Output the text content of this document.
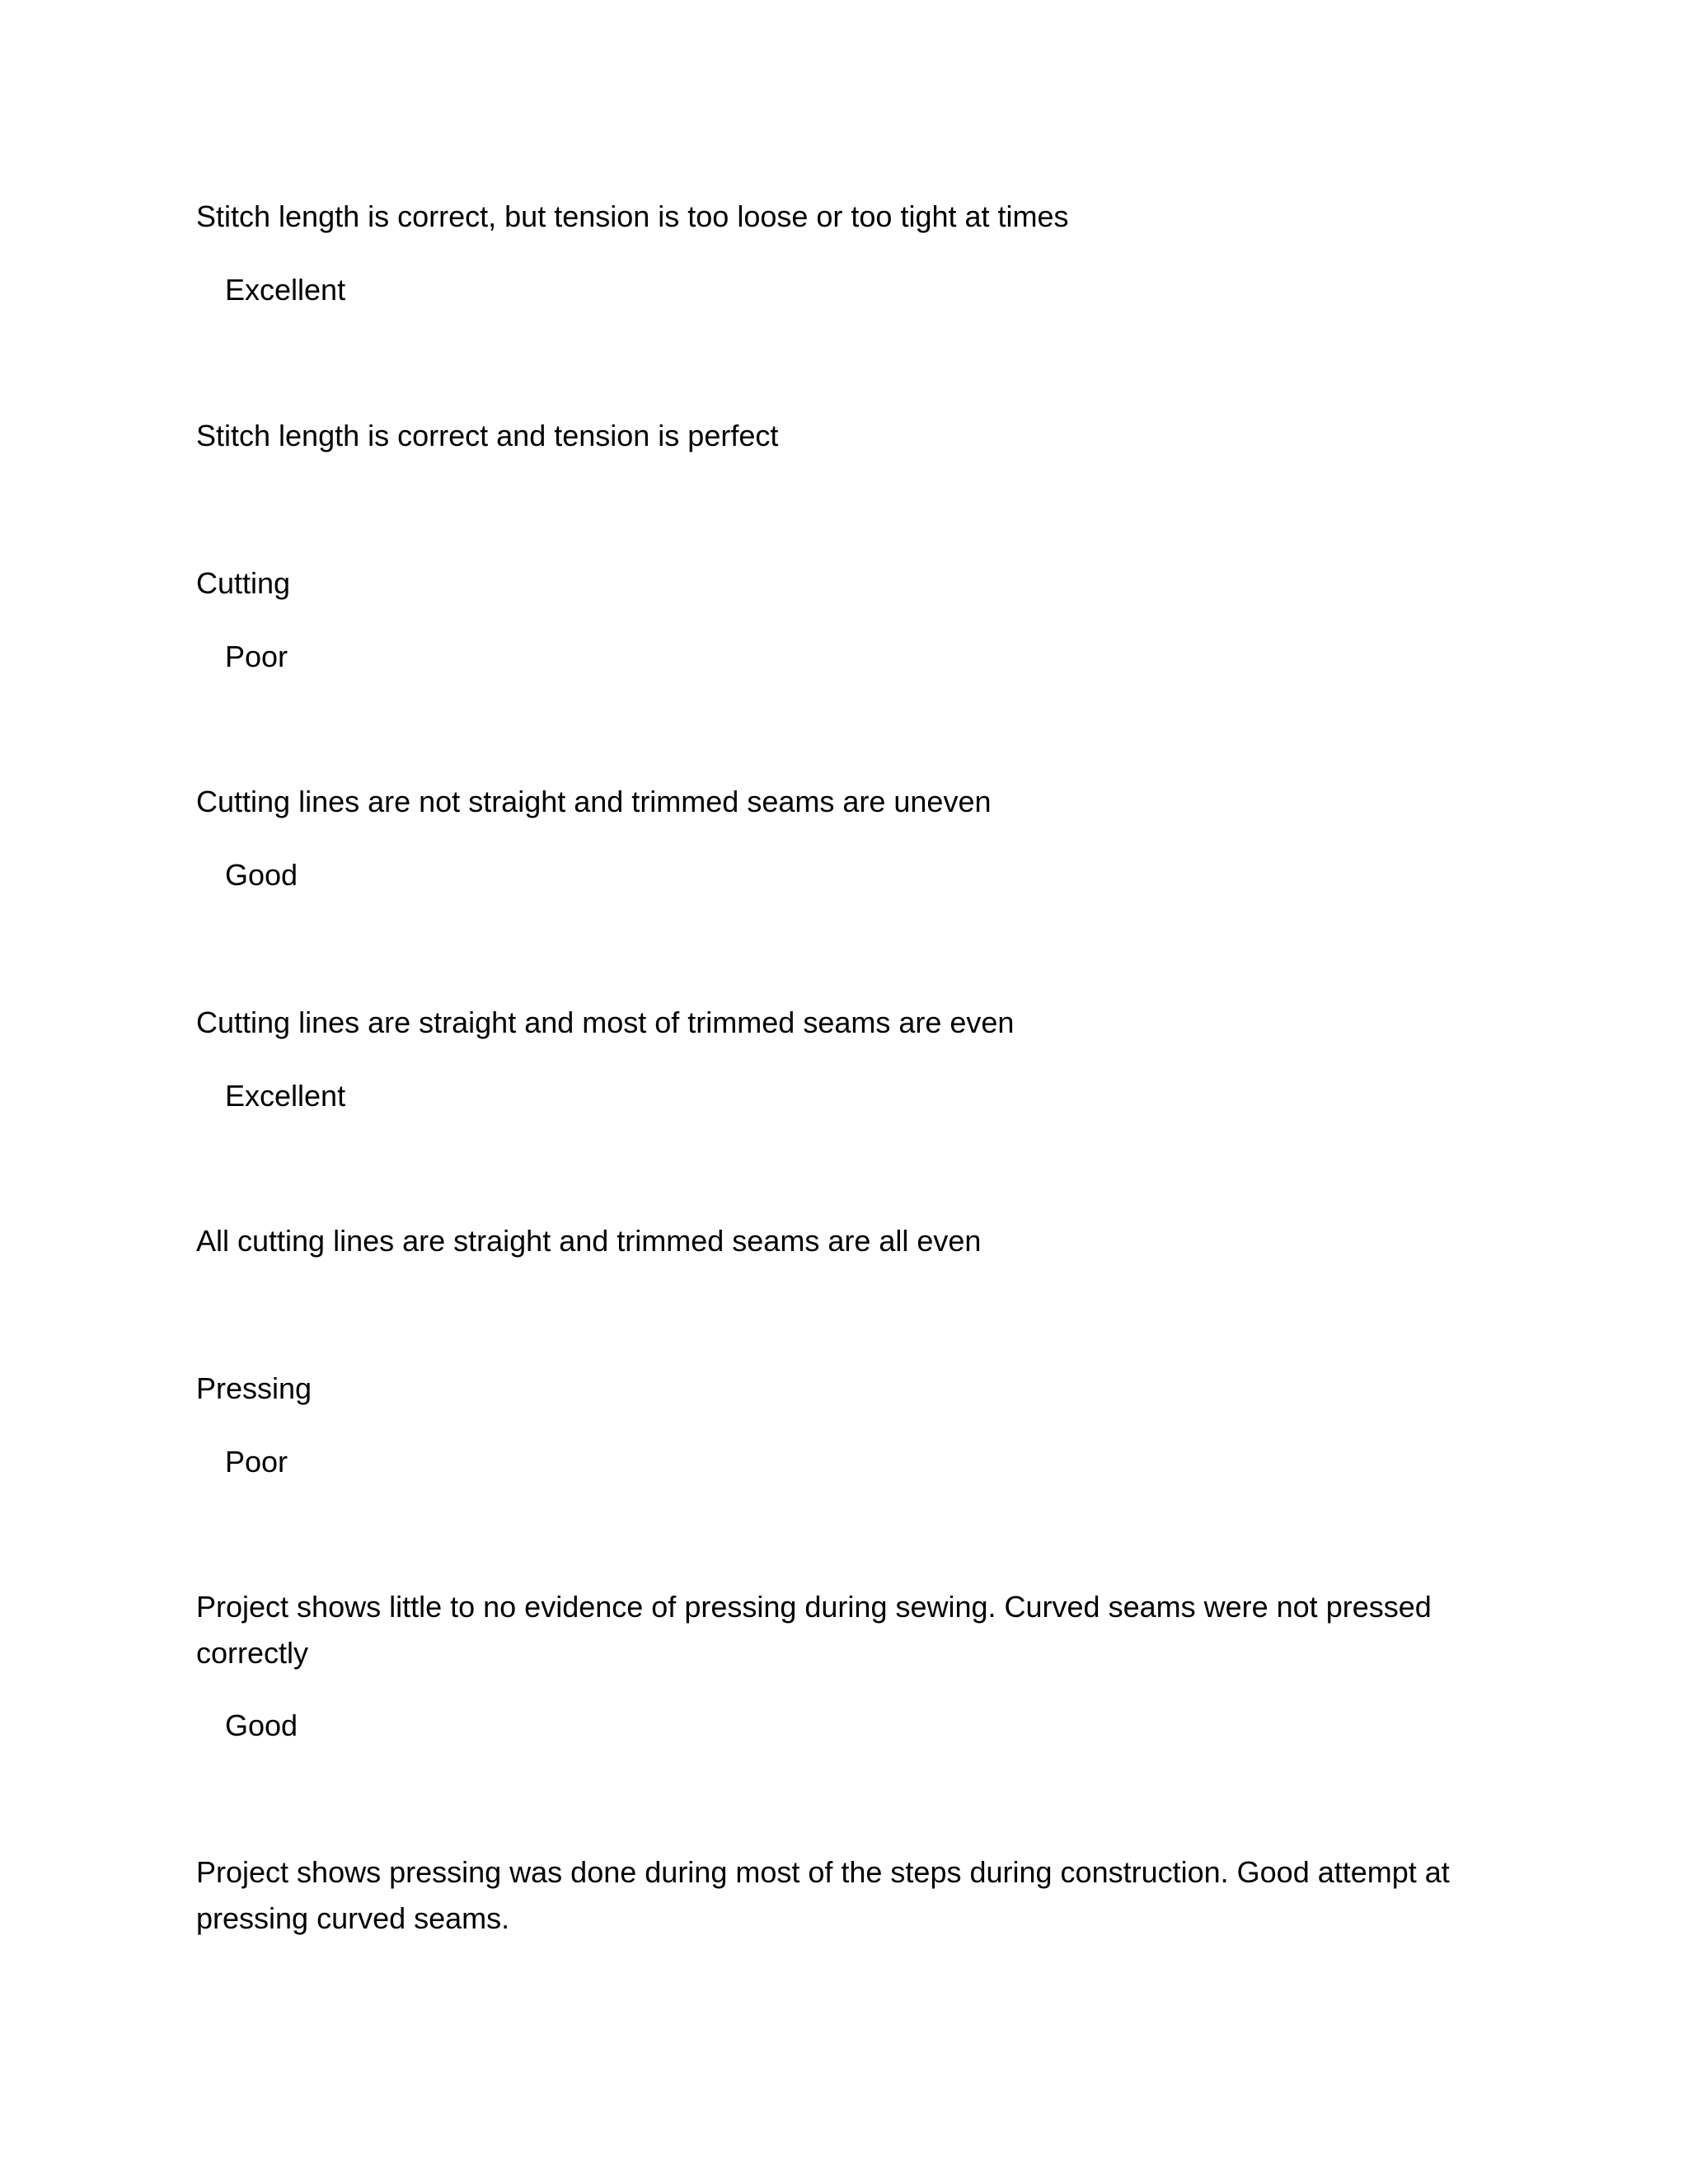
Stitch length is correct, but tension is too loose or too tight at times
Excellent
Stitch length is correct and tension is perfect
Cutting
Poor
Cutting lines are not straight and trimmed seams are uneven
Good
Cutting lines are straight and most of trimmed seams are even
Excellent
All cutting lines are straight and trimmed seams are all even
Pressing
Poor
Project shows little to no evidence of pressing during sewing. Curved seams were not pressed correctly
Good
Project shows pressing was done during most of the steps during construction. Good attempt at pressing curved seams.
